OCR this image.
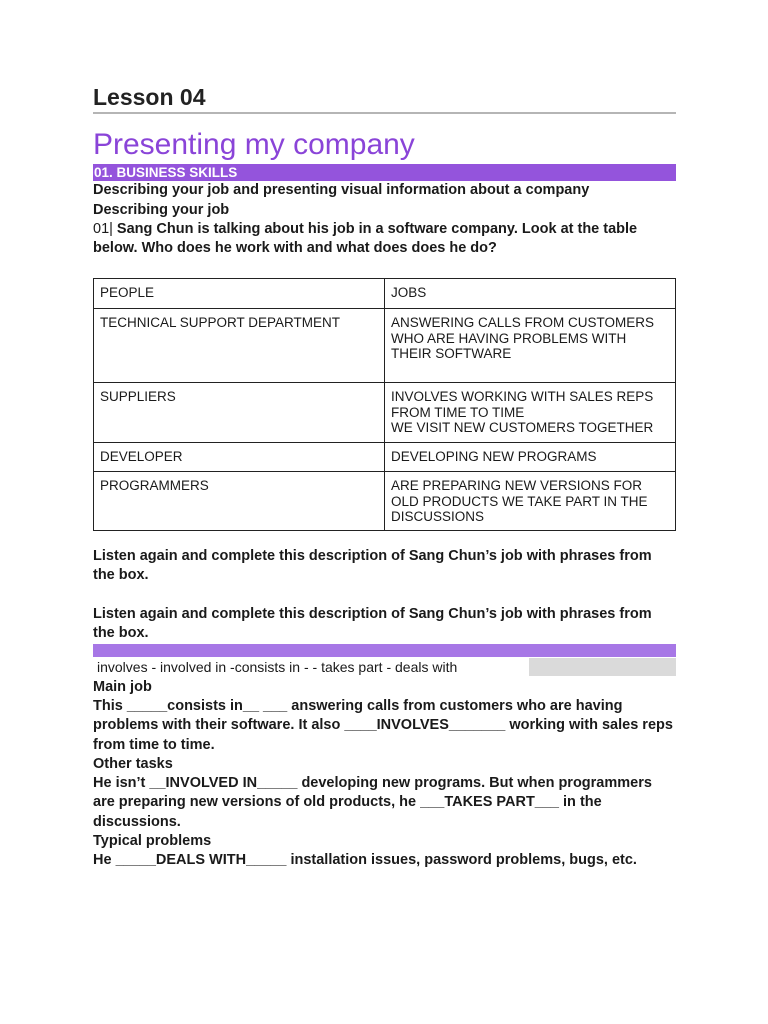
Lesson 04
Presenting my company
01. BUSINESS SKILLS
Describing your job and presenting visual information about a company
Describing your job
01| Sang Chun is talking about his job in a software company. Look at the table below. Who does he work with and what does does he do?
PEOPLE	JOBS
TECHNICAL SUPPORT DEPARTMENT	ANSWERING CALLS FROM CUSTOMERS WHO ARE HAVING PROBLEMS WITH THEIR SOFTWARE
SUPPLIERS	INVOLVES WORKING WITH SALES REPS FROM TIME TO TIME
WE VISIT NEW CUSTOMERS TOGETHER

DEVELOPER	DEVELOPING NEW PROGRAMS
PROGRAMMERS	ARE PREPARING NEW VERSIONS FOR OLD PRODUCTS WE TAKE PART IN THE DISCUSSIONS
Listen again and complete this description of Sang Chun’s job with phrases from the box.
Listen again and complete this description of Sang Chun’s job with phrases from the box.
involves - involved in -consists in - - takes part - deals with
Main job
This _____consists in__ ___ answering calls from customers who are having problems with their software. It also ____INVOLVES_______ working with sales reps from time to time.
Other tasks
He isn’t __INVOLVED IN_____ developing new programs. But when programmers are preparing new versions of old products, he ___TAKES PART___ in the discussions.
Typical problems
He _____DEALS WITH_____ installation issues, password problems, bugs, etc.
